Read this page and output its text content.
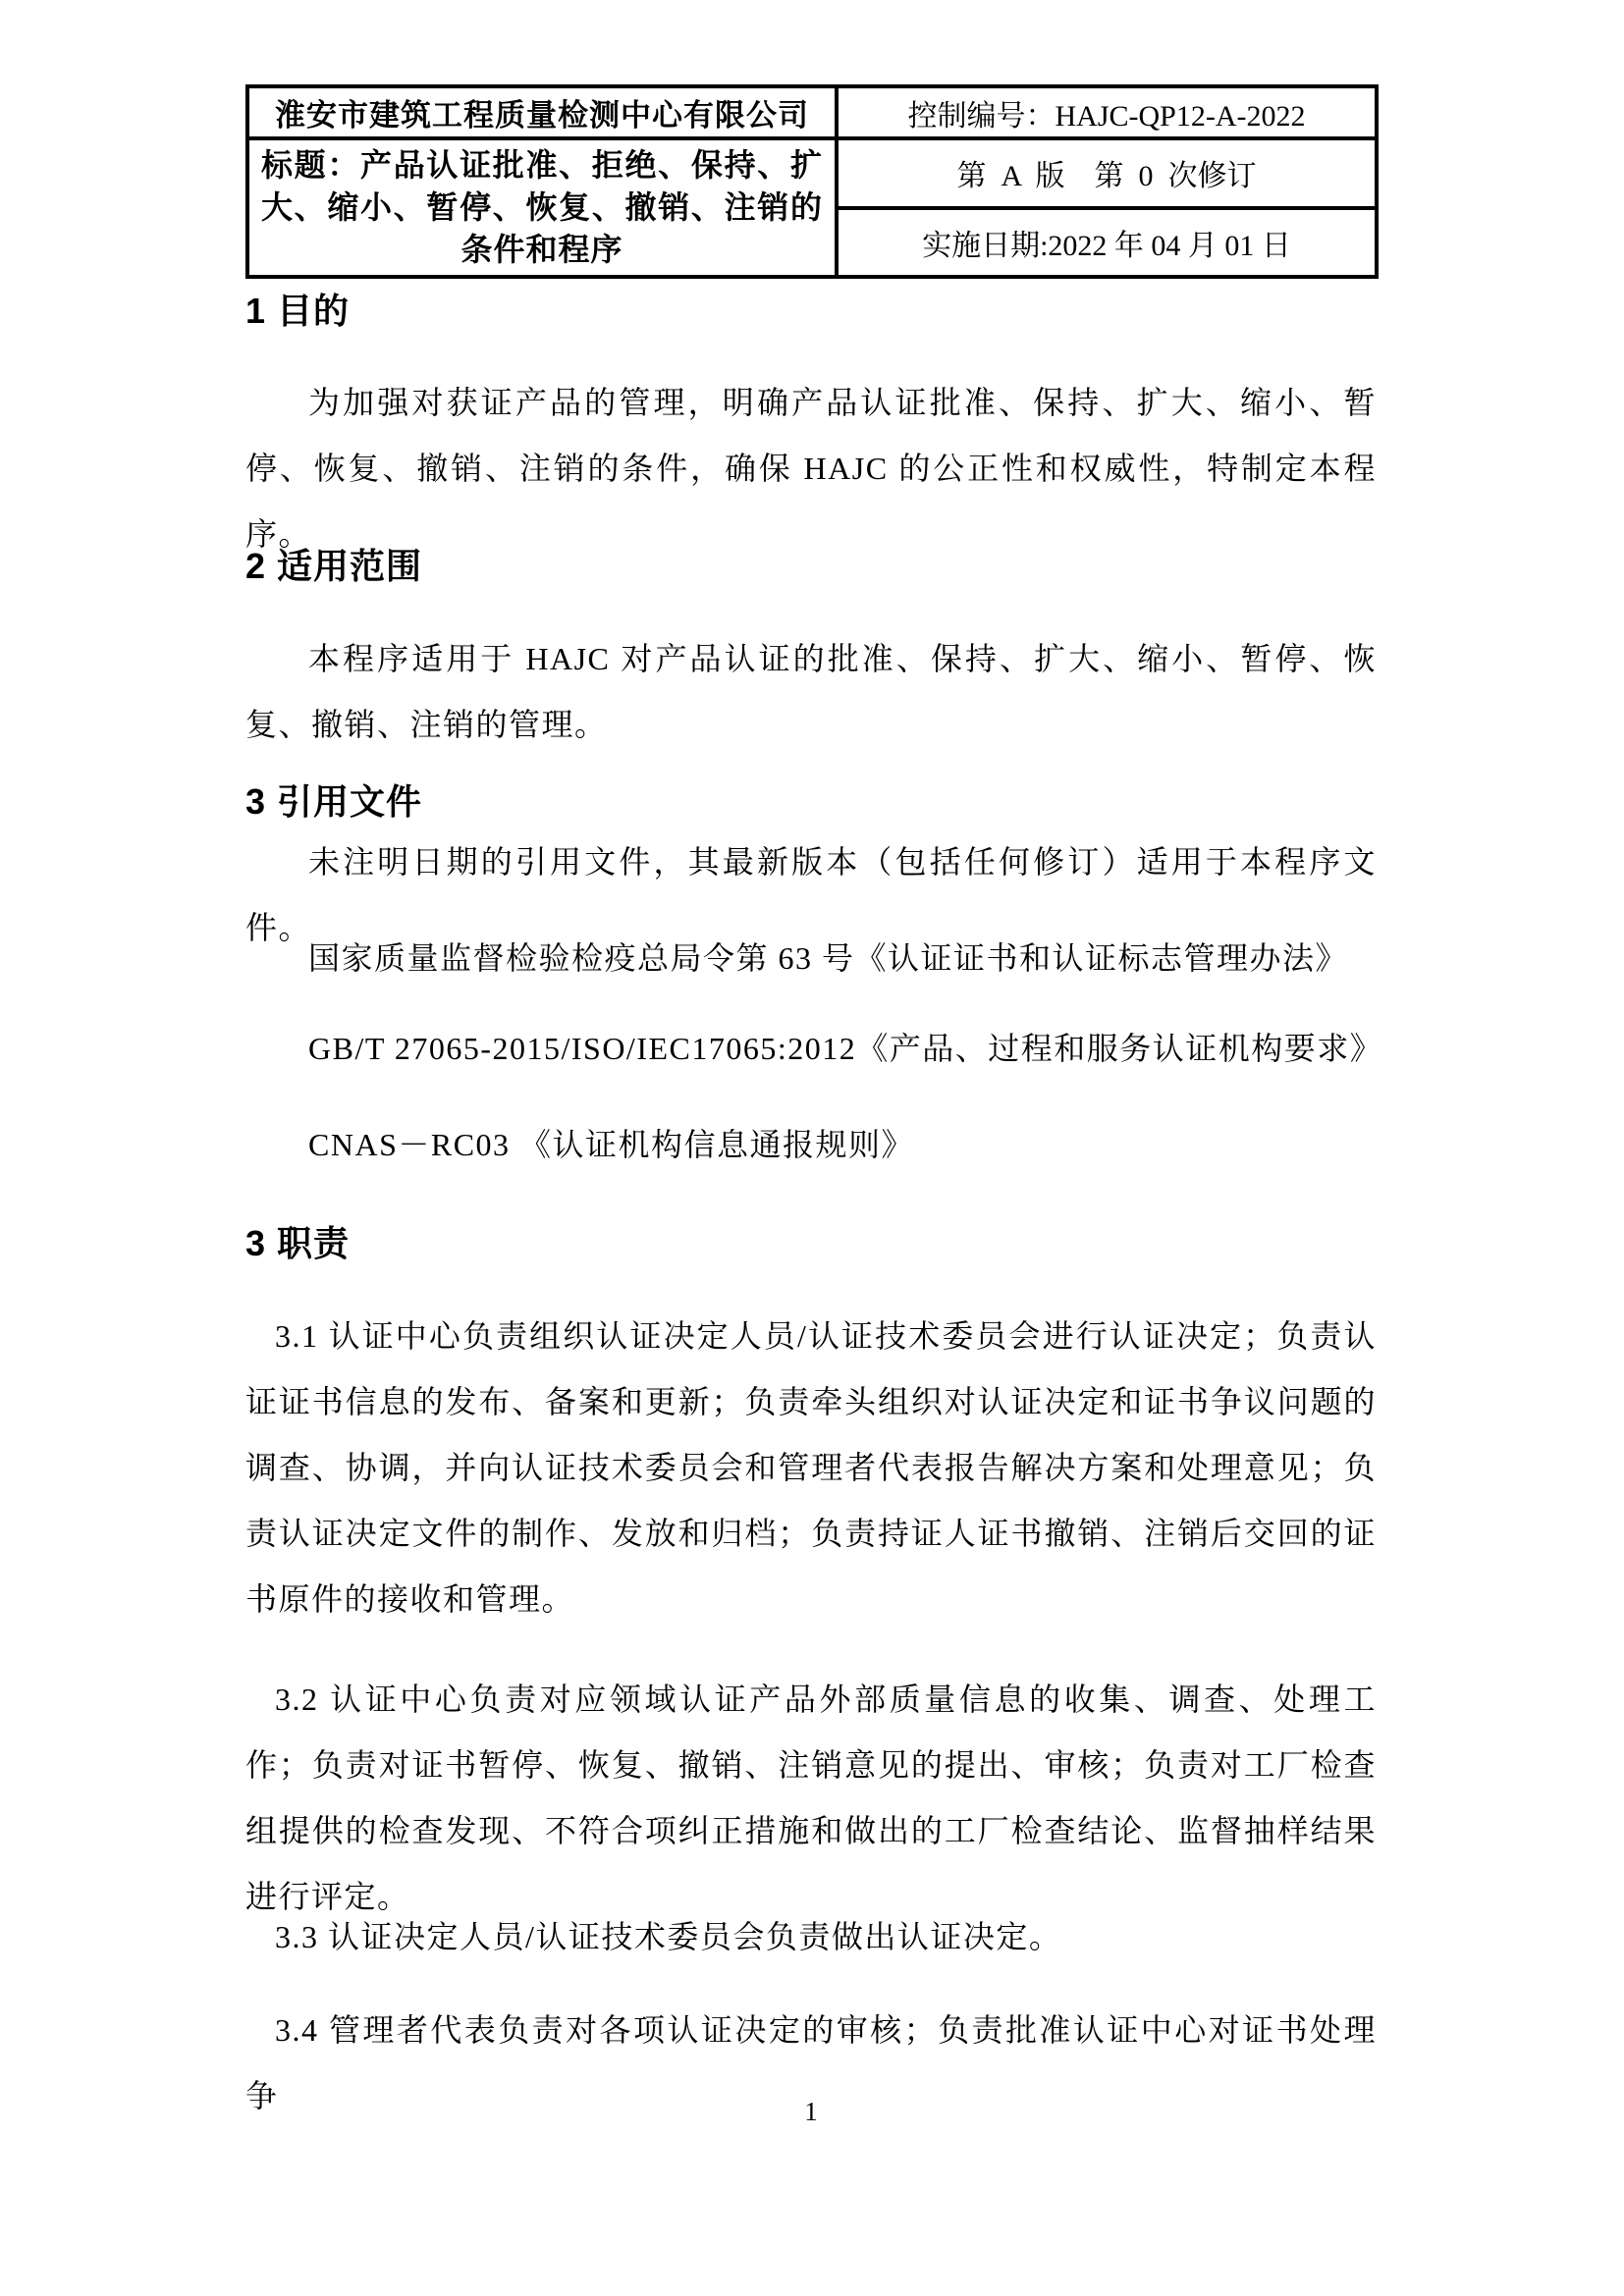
淮安市建筑工程质量检测中心有限公司	控制编号：HAJC-QP12-A-2022
标题：产品认证批准、拒绝、保持、扩大、缩小、暂停、恢复、撤销、注销的条件和程序	第  A  版    第  0  次修订
	实施日期:2022 年 04 月 01 日
1 目的
为加强对获证产品的管理，明确产品认证批准、保持、扩大、缩小、暂停、恢复、撤销、注销的条件，确保 HAJC 的公正性和权威性，特制定本程序。
2 适用范围
本程序适用于 HAJC 对产品认证的批准、保持、扩大、缩小、暂停、恢复、撤销、注销的管理。
3 引用文件
未注明日期的引用文件，其最新版本（包括任何修订）适用于本程序文件。
国家质量监督检验检疫总局令第 63 号《认证证书和认证标志管理办法》
GB/T 27065-2015/ISO/IEC17065:2012《产品、过程和服务认证机构要求》
CNAS－RC03 《认证机构信息通报规则》
3 职责
3.1 认证中心负责组织认证决定人员/认证技术委员会进行认证决定；负责认证证书信息的发布、备案和更新；负责牵头组织对认证决定和证书争议问题的调查、协调，并向认证技术委员会和管理者代表报告解决方案和处理意见；负责认证决定文件的制作、发放和归档；负责持证人证书撤销、注销后交回的证书原件的接收和管理。
3.2 认证中心负责对应领域认证产品外部质量信息的收集、调查、处理工作；负责对证书暂停、恢复、撤销、注销意见的提出、审核；负责对工厂检查组提供的检查发现、不符合项纠正措施和做出的工厂检查结论、监督抽样结果进行评定。
3.3 认证决定人员/认证技术委员会负责做出认证决定。
3.4 管理者代表负责对各项认证决定的审核；负责批准认证中心对证书处理争	1
